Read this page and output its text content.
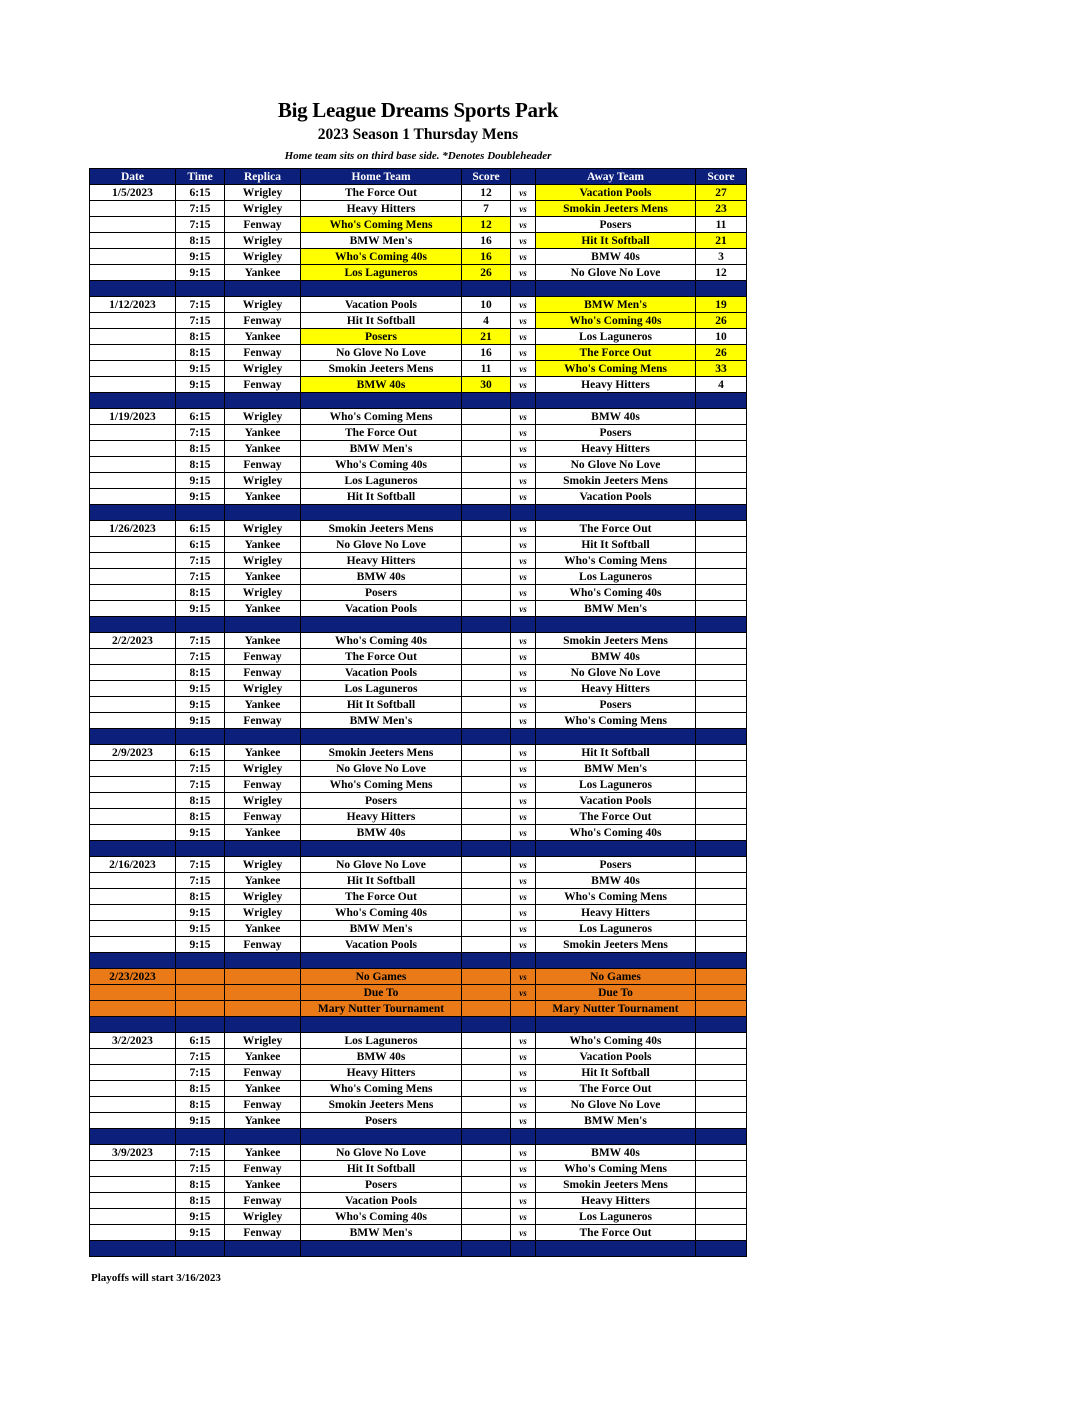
Big League Dreams Sports Park
2023 Season 1 Thursday Mens
Home team sits on third base side. *Denotes Doubleheader
Date	Time	Replica	Home Team	Score		Away Team	Score
1/5/2023	6:15	Wrigley	The Force Out	12	vs	Vacation Pools	27
	7:15	Wrigley	Heavy Hitters	7	vs	Smokin Jeeters Mens	23
	7:15	Fenway	Who's Coming Mens	12	vs	Posers	11
	8:15	Wrigley	BMW Men's	16	vs	Hit It Softball	21
	9:15	Wrigley	Who's Coming 40s	16	vs	BMW 40s	3
	9:15	Yankee	Los Laguneros	26	vs	No Glove No Love	12

1/12/2023	7:15	Wrigley	Vacation Pools	10	vs	BMW Men's	19
	7:15	Fenway	Hit It Softball	4	vs	Who's Coming 40s	26
	8:15	Yankee	Posers	21	vs	Los Laguneros	10
	8:15	Fenway	No Glove No Love	16	vs	The Force Out	26
	9:15	Wrigley	Smokin Jeeters Mens	11	vs	Who's Coming Mens	33
	9:15	Fenway	BMW 40s	30	vs	Heavy Hitters	4

1/19/2023	6:15	Wrigley	Who's Coming Mens		vs	BMW 40s	
	7:15	Yankee	The Force Out		vs	Posers	
	8:15	Yankee	BMW Men's		vs	Heavy Hitters	
	8:15	Fenway	Who's Coming 40s		vs	No Glove No Love	
	9:15	Wrigley	Los Laguneros		vs	Smokin Jeeters Mens	
	9:15	Yankee	Hit It Softball		vs	Vacation Pools	

1/26/2023	6:15	Wrigley	Smokin Jeeters Mens		vs	The Force Out	
	6:15	Yankee	No Glove No Love		vs	Hit It Softball	
	7:15	Wrigley	Heavy Hitters		vs	Who's Coming Mens	
	7:15	Yankee	BMW 40s		vs	Los Laguneros	
	8:15	Wrigley	Posers		vs	Who's Coming 40s	
	9:15	Yankee	Vacation Pools		vs	BMW Men's	

2/2/2023	7:15	Yankee	Who's Coming 40s		vs	Smokin Jeeters Mens	
	7:15	Fenway	The Force Out		vs	BMW 40s	
	8:15	Fenway	Vacation Pools		vs	No Glove No Love	
	9:15	Wrigley	Los Laguneros		vs	Heavy Hitters	
	9:15	Yankee	Hit It Softball		vs	Posers	
	9:15	Fenway	BMW Men's		vs	Who's Coming Mens	

2/9/2023	6:15	Yankee	Smokin Jeeters Mens		vs	Hit It Softball	
	7:15	Wrigley	No Glove No Love		vs	BMW Men's	
	7:15	Fenway	Who's Coming Mens		vs	Los Laguneros	
	8:15	Wrigley	Posers		vs	Vacation Pools	
	8:15	Fenway	Heavy Hitters		vs	The Force Out	
	9:15	Yankee	BMW 40s		vs	Who's Coming 40s	

2/16/2023	7:15	Wrigley	No Glove No Love		vs	Posers	
	7:15	Yankee	Hit It Softball		vs	BMW 40s	
	8:15	Wrigley	The Force Out		vs	Who's Coming Mens	
	9:15	Wrigley	Who's Coming 40s		vs	Heavy Hitters	
	9:15	Yankee	BMW Men's		vs	Los Laguneros	
	9:15	Fenway	Vacation Pools		vs	Smokin Jeeters Mens	

2/23/2023			No Games		vs	No Games	
			Due To		vs	Due To	
			Mary Nutter Tournament			Mary Nutter Tournament	

3/2/2023	6:15	Wrigley	Los Laguneros		vs	Who's Coming 40s	
	7:15	Yankee	BMW 40s		vs	Vacation Pools	
	7:15	Fenway	Heavy Hitters		vs	Hit It Softball	
	8:15	Yankee	Who's Coming Mens		vs	The Force Out	
	8:15	Fenway	Smokin Jeeters Mens		vs	No Glove No Love	
	9:15	Yankee	Posers		vs	BMW Men's	

3/9/2023	7:15	Yankee	No Glove No Love		vs	BMW 40s	
	7:15	Fenway	Hit It Softball		vs	Who's Coming Mens	
	8:15	Yankee	Posers		vs	Smokin Jeeters Mens	
	8:15	Fenway	Vacation Pools		vs	Heavy Hitters	
	9:15	Wrigley	Who's Coming 40s		vs	Los Laguneros	
	9:15	Fenway	BMW Men's		vs	The Force Out	

Playoffs will start 3/16/2023
